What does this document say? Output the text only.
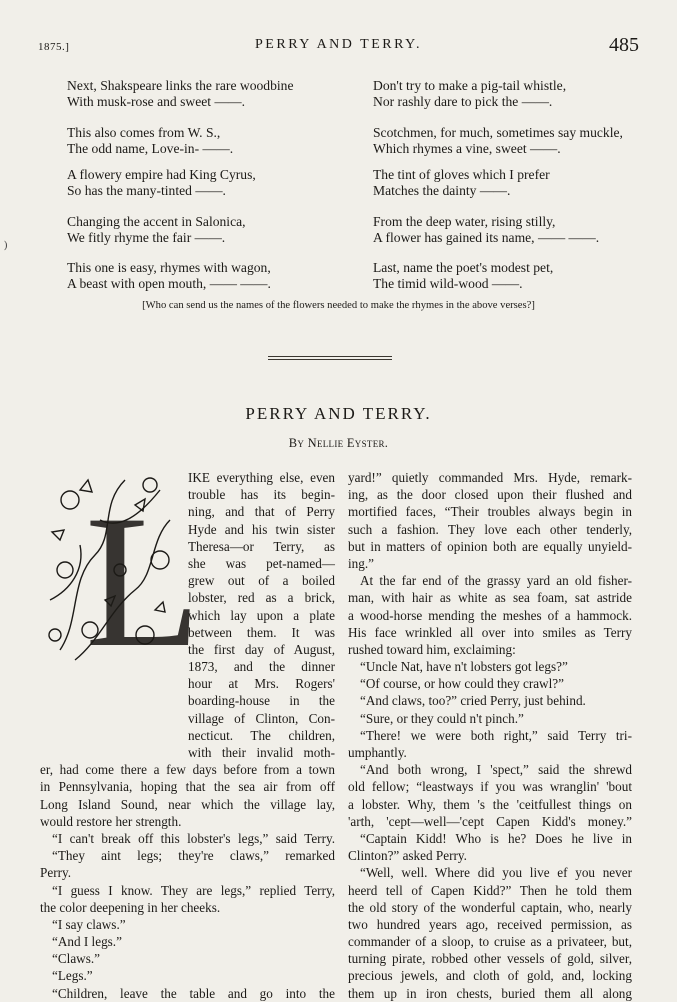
1875.]	PERRY AND TERRY.	485
Next, Shakspeare links the rare woodbine
With musk-rose and sweet ——.
This also comes from W. S.,
The odd name, Love-in- ——.
A flowery empire had King Cyrus,
So has the many-tinted ——.
Changing the accent in Salonica,
We fitly rhyme the fair ——.
This one is easy, rhymes with wagon,
A beast with open mouth, —— ——.
Don't try to make a pig-tail whistle,
Nor rashly dare to pick the ——.
Scotchmen, for much, sometimes say muckle,
Which rhymes a vine, sweet ——.
The tint of gloves which I prefer
Matches the dainty ——.
From the deep water, rising stilly,
A flower has gained its name, —— ——.
Last, name the poet's modest pet,
The timid wild-wood ——.
[Who can send us the names of the flowers needed to make the rhymes in the above verses?]
PERRY AND TERRY.
By Nellie Eyster.
L
IKE everything else, even
trouble has its begin-
ning, and that of Perry
Hyde and his twin sister
Theresa—or Terry, as
she was pet-named—
grew out of a boiled
lobster, red as a brick,
which lay upon a plate
between them. It was
the first day of August,
1873, and the dinner
hour at Mrs. Rogers'
boarding-house in the
village of Clinton, Con-
necticut. The children,
with their invalid moth-
er, had come there a few days before from a town
in Pennsylvania, hoping that the sea air from off
Long Island Sound, near which the village lay,
would restore her strength.
“I can't break off this lobster's legs,” said Terry.
“They aint legs; they're claws,” remarked
Perry.
“I guess I know. They are legs,” replied Terry,
the color deepening in her cheeks.
“I say claws.”
“And I legs.”
“Claws.”
“Legs.”
“Children, leave the table and go into the
yard!” quietly commanded Mrs. Hyde, remark-
ing, as the door closed upon their flushed and
mortified faces, “Their troubles always begin in
such a fashion. They love each other tenderly,
but in matters of opinion both are equally unyield-
ing.”
At the far end of the grassy yard an old fisher-
man, with hair as white as sea foam, sat astride
a wood-horse mending the meshes of a hammock.
His face wrinkled all over into smiles as Terry
rushed toward him, exclaiming:
“Uncle Nat, have n't lobsters got legs?”
“Of course, or how could they crawl?”
“And claws, too?” cried Perry, just behind.
“Sure, or they could n't pinch.”
“There! we were both right,” said Terry tri-
umphantly.
“And both wrong, I 'spect,” said the shrewd
old fellow; “leastways if you was wranglin' 'bout
a lobster. Why, them 's the 'ceitfullest things on
'arth, 'cept—well—'cept Capen Kidd's money.”
“Captain Kidd! Who is he? Does he live in
Clinton?” asked Perry.
“Well, well. Where did you live ef you never
heerd tell of Capen Kidd?” Then he told them
the old story of the wonderful captain, who, nearly
two hundred years ago, received permission, as
commander of a sloop, to cruise as a privateer, but,
turning pirate, robbed other vessels of gold, silver,
precious jewels, and cloth of gold, and, locking
them up in iron chests, buried them all along
)
